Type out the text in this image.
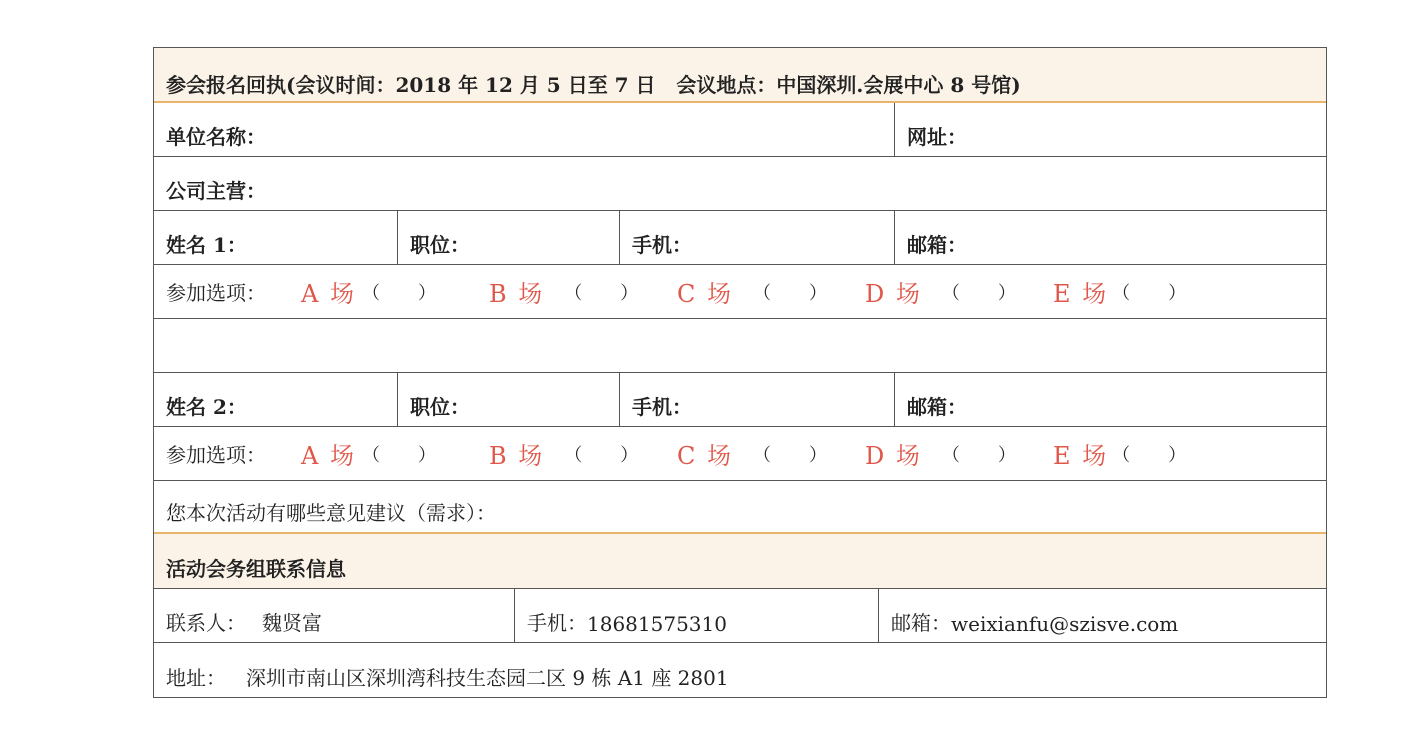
参会报名回执(会议时间：2018 年 12 月 5 日至 7 日   会议地点：中国深圳.会展中心 8 号馆)
单位名称：	网址：
公司主营：
姓名 1：	职位：	手机：	邮箱：
参加选项：	A 场 （ ） B 场 （ ） C 场 （ ） D 场 （ ） E 场 （ ）
姓名 2：	职位：	手机：	邮箱：
参加选项：	A 场 （ ） B 场 （ ） C 场 （ ） D 场 （ ） E 场 （ ）
您本次活动有哪些意见建议（需求）：
活动会务组联系信息
联系人： 魏贤富	手机： 18681575310	邮箱： weixianfu@szisve.com
地址： 深圳市南山区深圳湾科技生态园二区 9 栋 A1 座 2801
